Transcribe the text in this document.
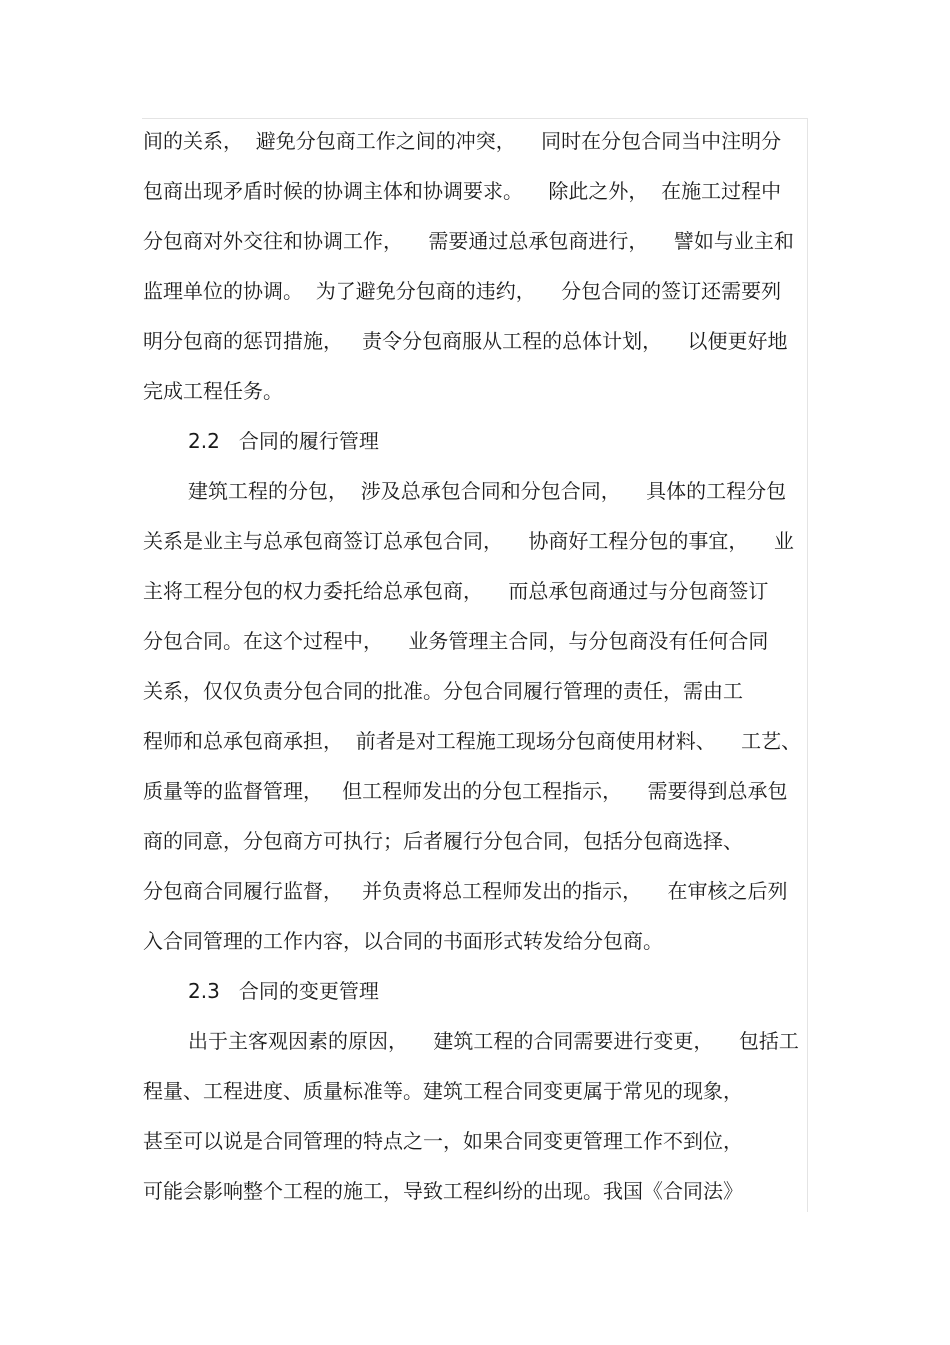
间的关系，  避免分包商工作之间的冲突，    同时在分包合同当中注明分
包商出现矛盾时候的协调主体和协调要求。    除此之外，  在施工过程中
分包商对外交往和协调工作，    需要通过总承包商进行，    譬如与业主和
监理单位的协调。  为了避免分包商的违约，    分包合同的签订还需要列
明分包商的惩罚措施，   责令分包商服从工程的总体计划，    以便更好地
完成工程任务。
2.2   合同的履行管理
建筑工程的分包，  涉及总承包合同和分包合同，    具体的工程分包
关系是业主与总承包商签订总承包合同，    协商好工程分包的事宜，    业
主将工程分包的权力委托给总承包商，    而总承包商通过与分包商签订
分包合同。在这个过程中，    业务管理主合同，与分包商没有任何合同
关系，仅仅负责分包合同的批准。分包合同履行管理的责任，需由工
程师和总承包商承担，  前者是对工程施工现场分包商使用材料、    工艺、
质量等的监督管理，   但工程师发出的分包工程指示，    需要得到总承包
商的同意，分包商方可执行；后者履行分包合同，包括分包商选择、
分包商合同履行监督，   并负责将总工程师发出的指示，    在审核之后列
入合同管理的工作内容，以合同的书面形式转发给分包商。
2.3   合同的变更管理
出于主客观因素的原因，    建筑工程的合同需要进行变更，    包括工
程量、工程进度、质量标准等。建筑工程合同变更属于常见的现象，
甚至可以说是合同管理的特点之一，如果合同变更管理工作不到位，
可能会影响整个工程的施工，导致工程纠纷的出现。我国《合同法》
